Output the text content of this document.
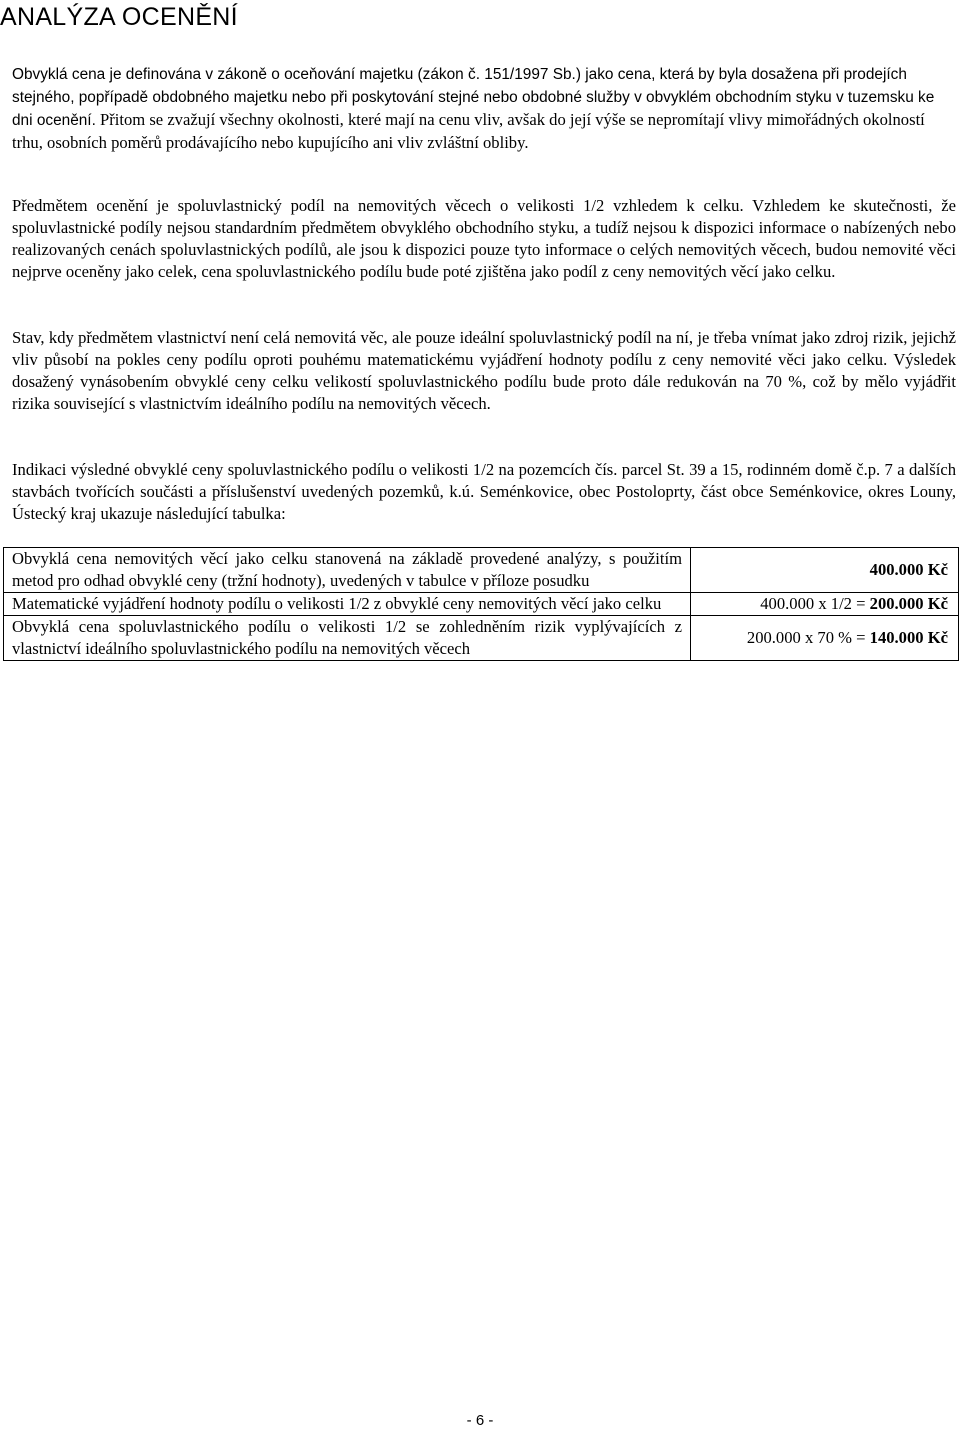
ANALÝZA OCENĚNÍ

Obvyklá cena je definována v zákoně o oceňování majetku (zákon č. 151/1997 Sb.) jako cena, která by byla dosažena při prodejích stejného, popřípadě obdobného majetku nebo při poskytování stejné nebo obdobné služby v obvyklém obchodním styku v tuzemsku ke dni ocenění. Přitom se zvažují všechny okolnosti, které mají na cenu vliv, avšak do její výše se nepromítají vlivy mimořádných okolností trhu, osobních poměrů prodávajícího nebo kupujícího ani vliv zvláštní obliby.

Předmětem ocenění je spoluvlastnický podíl na nemovitých věcech o velikosti 1/2 vzhledem k celku. Vzhledem ke skutečnosti, že spoluvlastnické podíly nejsou standardním předmětem obvyklého obchodního styku, a tudíž nejsou k dispozici informace o nabízených nebo realizovaných cenách spoluvlastnických podílů, ale jsou k dispozici pouze tyto informace o celých nemovitých věcech, budou nemovité věci nejprve oceněny jako celek, cena spoluvlastnického podílu bude poté zjištěna jako podíl z ceny nemovitých věcí jako celku.

Stav, kdy předmětem vlastnictví není celá nemovitá věc, ale pouze ideální spoluvlastnický podíl na ní, je třeba vnímat jako zdroj rizik, jejichž vliv působí na pokles ceny podílu oproti pouhému matematickému vyjádření hodnoty podílu z ceny nemovité věci jako celku. Výsledek dosažený vynásobením obvyklé ceny celku velikostí spoluvlastnického podílu bude proto dále redukován na 70 %, což by mělo vyjádřit rizika související s vlastnictvím ideálního podílu na nemovitých věcech.

Indikaci výsledné obvyklé ceny spoluvlastnického podílu o velikosti 1/2 na pozemcích čís. parcel St. 39 a 15, rodinném domě č.p. 7 a dalších stavbách tvořících součásti a příslušenství uvedených pozemků, k.ú. Seménkovice, obec Postoloprty, část obce Seménkovice, okres Louny, Ústecký kraj ukazuje následující tabulka:

Obvyklá cena nemovitých věcí jako celku stanovená na základě provedené analýzy, s použitím metod pro odhad obvyklé ceny (tržní hodnoty), uvedených v tabulce v příloze posudku	400.000 Kč
Matematické vyjádření hodnoty podílu o velikosti 1/2 z obvyklé ceny nemovitých věcí jako celku	400.000 x 1/2 = 200.000 Kč
Obvyklá cena spoluvlastnického podílu o velikosti 1/2 se zohledněním rizik vyplývajících z vlastnictví ideálního spoluvlastnického podílu na nemovitých věcech	200.000 x 70 % = 140.000 Kč
- 6 -
